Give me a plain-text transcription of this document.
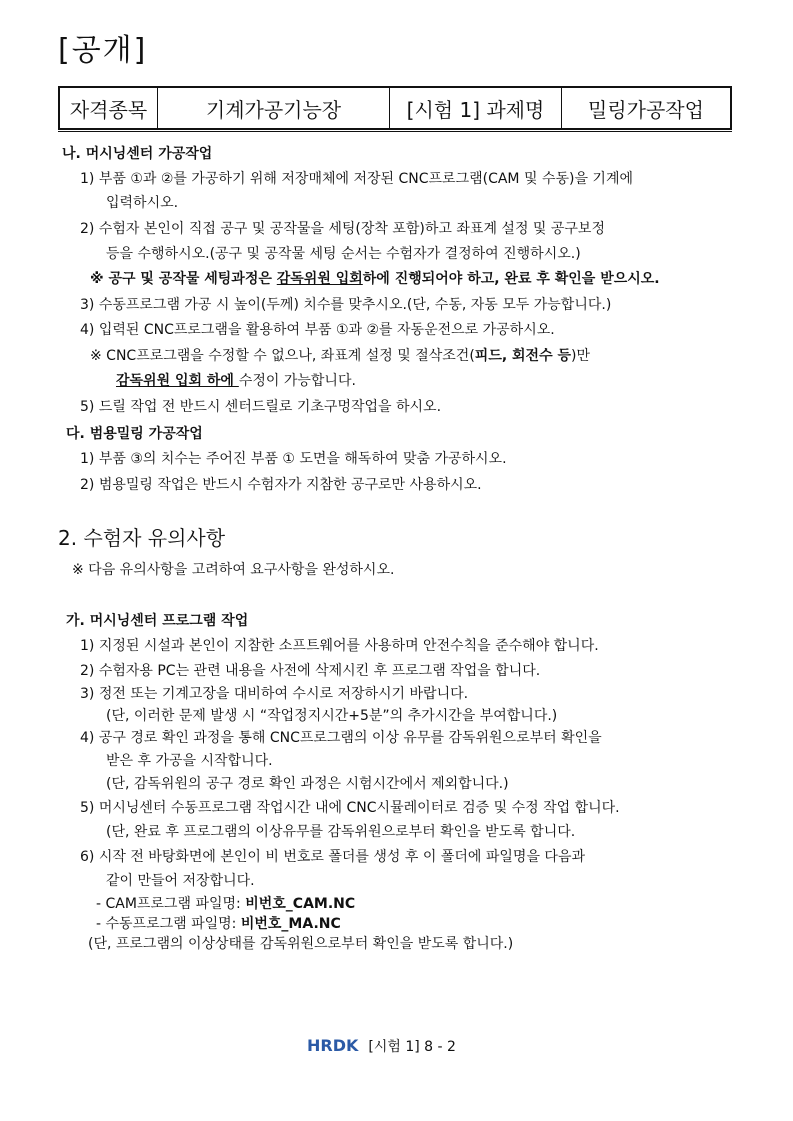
[공개]
자격종목	기계가공기능장	[시험 1] 과제명	밀링가공작업
나. 머시닝센터 가공작업
1) 부품 ①과 ②를 가공하기 위해 저장매체에 저장된 CNC프로그램(CAM 및 수동)을 기계에
입력하시오.
2) 수험자 본인이 직접 공구 및 공작물을 세팅(장착 포함)하고 좌표계 설정 및 공구보정
등을 수행하시오.(공구 및 공작물 세팅 순서는 수험자가 결정하여 진행하시오.)
※ 공구 및 공작물 세팅과정은 감독위원 입회하에 진행되어야 하고, 완료 후 확인을 받으시오.
3) 수동프로그램 가공 시 높이(두께) 치수를 맞추시오.(단, 수동, 자동 모두 가능합니다.)
4) 입력된 CNC프로그램을 활용하여 부품 ①과 ②를 자동운전으로 가공하시오.
※ CNC프로그램을 수정할 수 없으나, 좌표계 설정 및 절삭조건(피드, 회전수 등)만
감독위원 입회 하에 수정이 가능합니다.
5) 드릴 작업 전 반드시 센터드릴로 기초구멍작업을 하시오.
다. 범용밀링 가공작업
1) 부품 ③의 치수는 주어진 부품 ① 도면을 해독하여 맞춤 가공하시오.
2) 범용밀링 작업은 반드시 수험자가 지참한 공구로만 사용하시오.
2. 수험자 유의사항
※ 다음 유의사항을 고려하여 요구사항을 완성하시오.
가. 머시닝센터 프로그램 작업
1) 지정된 시설과 본인이 지참한 소프트웨어를 사용하며 안전수칙을 준수해야 합니다.
2) 수험자용 PC는 관련 내용을 사전에 삭제시킨 후 프로그램 작업을 합니다.
3) 정전 또는 기계고장을 대비하여 수시로 저장하시기 바랍니다.
(단, 이러한 문제 발생 시 “작업정지시간+5분”의 추가시간을 부여합니다.)
4) 공구 경로 확인 과정을 통해 CNC프로그램의 이상 유무를 감독위원으로부터 확인을
받은 후 가공을 시작합니다.
(단, 감독위원의 공구 경로 확인 과정은 시험시간에서 제외합니다.)
5) 머시닝센터 수동프로그램 작업시간 내에 CNC시뮬레이터로 검증 및 수정 작업 합니다.
(단, 완료 후 프로그램의 이상유무를 감독위원으로부터 확인을 받도록 합니다.
6) 시작 전 바탕화면에 본인이 비 번호로 폴더를 생성 후 이 폴더에 파일명을 다음과
같이 만들어 저장합니다.
- CAM프로그램 파일명: 비번호_CAM.NC
- 수동프로그램 파일명: 비번호_MA.NC
(단, 프로그램의 이상상태를 감독위원으로부터 확인을 받도록 합니다.)
HRDK [시험 1] 8 - 2
